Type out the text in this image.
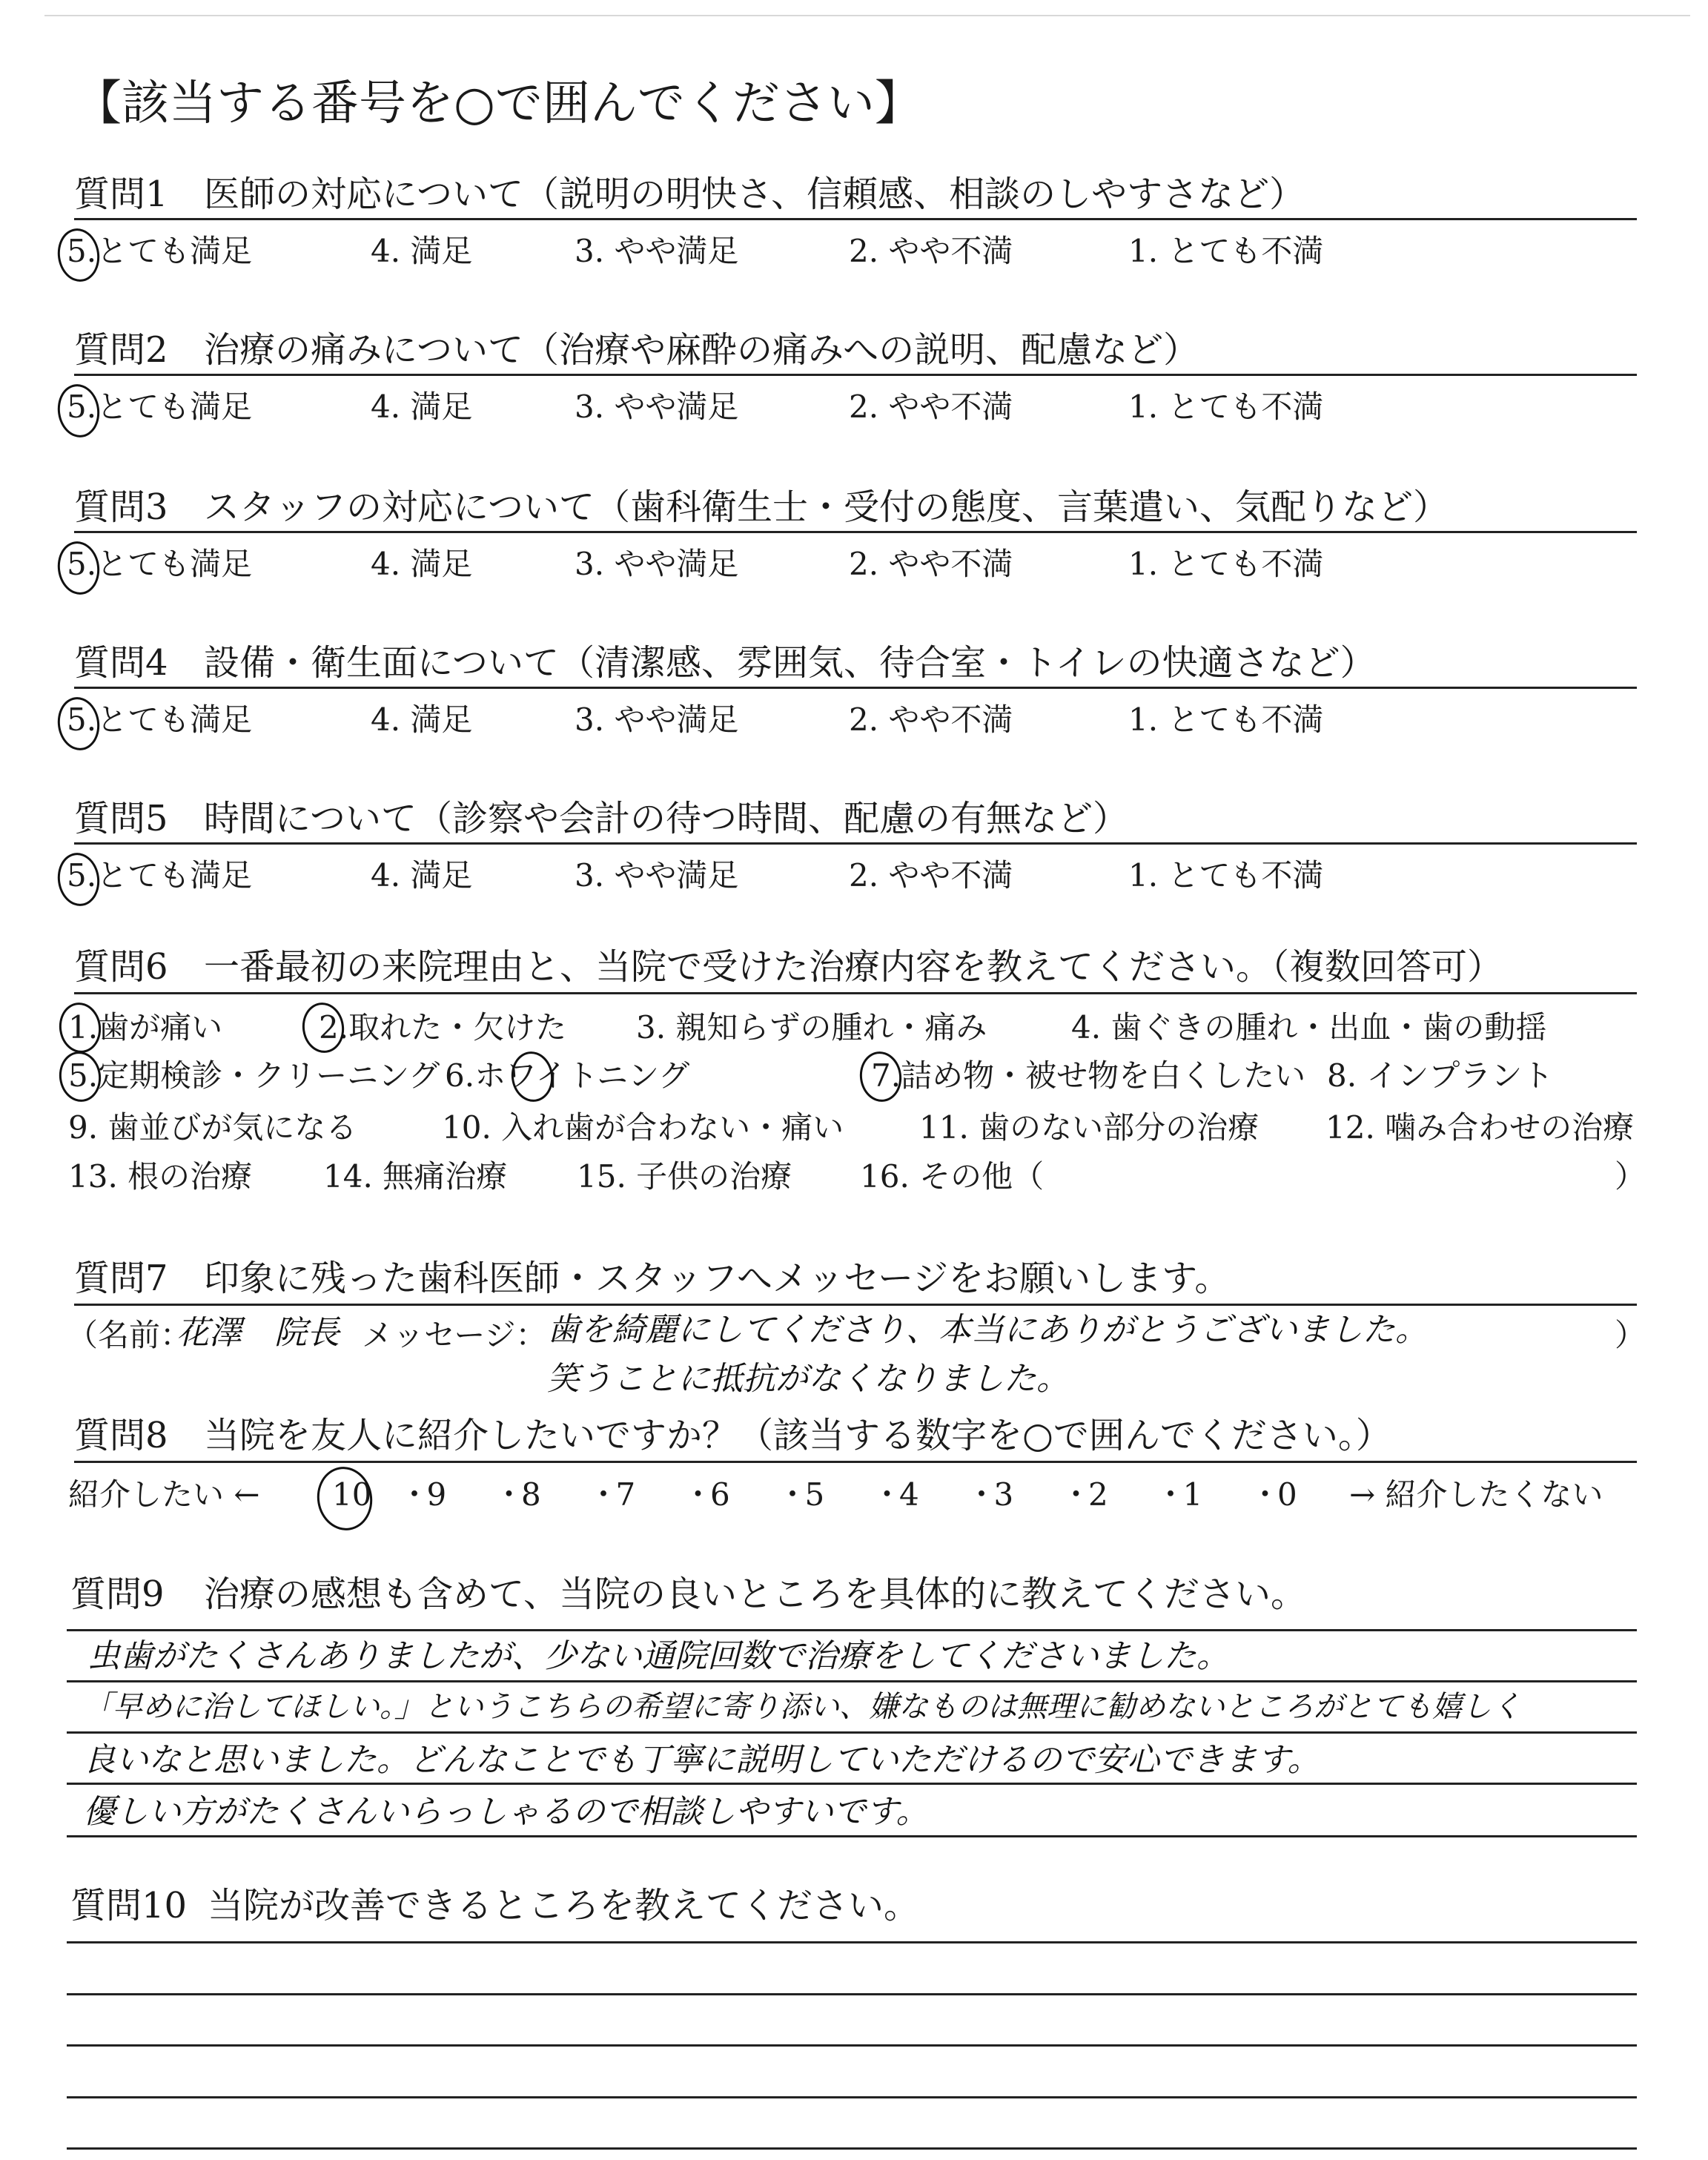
【該当する番号を○で囲んでください】
質問1 医師の対応について（説明の明快さ、信頼感、相談のしやすさなど）
5.とても満足	4. 満足	3. やや満足	2. やや不満	1. とても不満
質問2 治療の痛みについて（治療や麻酔の痛みへの説明、配慮など）
5.とても満足	4. 満足	3. やや満足	2. やや不満	1. とても不満
質問3 スタッフの対応について（歯科衛生士・受付の態度、言葉遣い、気配りなど）
5.とても満足	4. 満足	3. やや満足	2. やや不満	1. とても不満
質問4 設備・衛生面について（清潔感、雰囲気、待合室・トイレの快適さなど）
5.とても満足	4. 満足	3. やや満足	2. やや不満	1. とても不満
質問5 時間について（診察や会計の待つ時間、配慮の有無など）
5.とても満足	4. 満足	3. やや満足	2. やや不満	1. とても不満
質問6 一番最初の来院理由と、当院で受けた治療内容を教えてください。（複数回答可）
1.歯が痛い	2.取れた・欠けた 3. 親知らずの腫れ・痛み	4. 歯ぐきの腫れ・出血・歯の動揺
5.定期検診・クリーニング 6.ホワイトニング	7.詰め物・被せ物を白くしたい 8. インプラント
9. 歯並びが気になる	10. 入れ歯が合わない・痛い 11. 歯のない部分の治療 12. 噛み合わせの治療
13. 根の治療 14. 無痛治療 15. 子供の治療 16. その他（	）
質問7 印象に残った歯科医師・スタッフへメッセージをお願いします。
（名前：
花澤　院長 メッセージ： 歯を綺麗にしてくださり、本当にありがとうございました。
笑うことに抵抗がなくなりました。
）
質問8 当院を友人に紹介したいですか？（該当する数字を○で囲んでください。）
紹介したい ← 10 ・
9 ・
8 ・
7 ・
6 ・
5 ・
4 ・
3 ・
2 ・
1 ・
0 → 紹介したくない
質問9 治療の感想も含めて、当院の良いところを具体的に教えてください。
虫歯がたくさんありましたが、少ない通院回数で治療をしてくださいました。
「早めに治してほしい。」というこちらの希望に寄り添い、嫌なものは無理に勧めないところがとても嬉しく
良いなと思いました。どんなことでも丁寧に説明していただけるので安心できます。
優しい方がたくさんいらっしゃるので相談しやすいです。
質問10 当院が改善できるところを教えてください。
